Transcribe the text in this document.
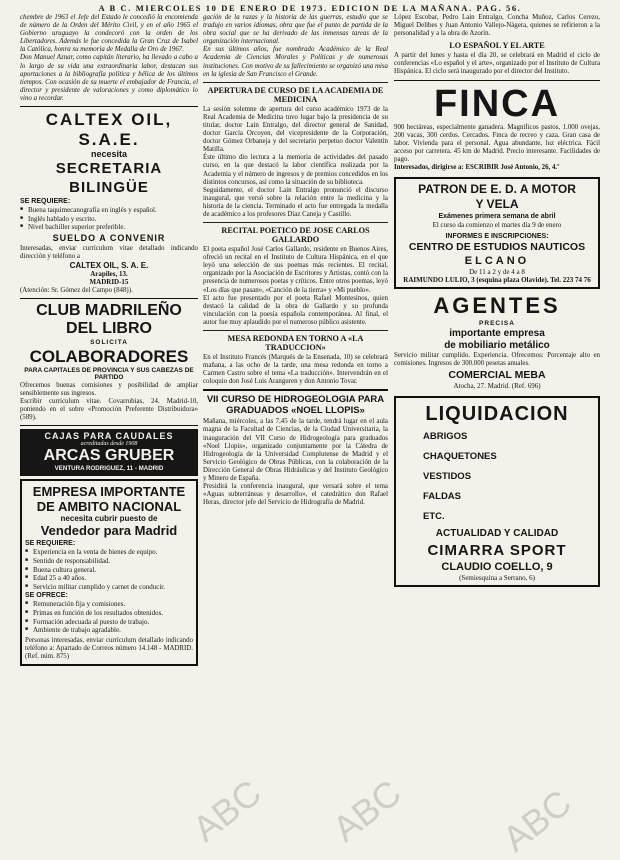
A B C. MIERCOLES 10 DE ENERO DE 1973. EDICION DE LA MAÑANA. PAG. 56.

chembre de 1963 el Jefe del Estado le concedió la encomienda de número de la Orden del Mérito Civil, y en el año 1965 el Gobierno uruguayo la condecoró con la orden de los Libertadores. Además le fue concedida la Gran Cruz de Isabel la Católica, honra su memoria de Medalla de Oro de 1967.

Don Manuel Aznar, como capitán literario, ha llevado a cabo a lo largo de su vida una extraordinaria labor, destacan sus aportaciones a la bibliografía política y bélica de los últimos tiempos. Con ocasión de su muerte el embajador de Francia, el director y presidente de valoraciones y como diplomático lo vino a recordar.

CALTEX OIL, S.A.E.
necesita
SECRETARIA BILINGÜE
SE REQUIERE:
■ Buena taquimecanografía en inglés y español.
■ Inglés hablado y escrito.
■ Nivel bachiller superior preferible.
SUELDO A CONVENIR

Interesadas, enviar currículum vitae detallado indicando dirección y teléfono a

CALTEX OIL, S. A. E.
Arapiles, 13.
MADRID-15

(Atención: Sr. Gómez del Campo (848)).

CLUB MADRILEÑO
DEL LIBRO
SOLICITA
COLABORADORES
PARA CAPITALES DE PROVINCIA Y SUS CABEZAS DE PARTIDO

Ofrecemos buenas comisiones y posibilidad de ampliar sensiblemente sus ingresos.

Escribir currículum vitae. Covarrubias, 24. Madrid-10, poniendo en el sobre «Promoción Preferente Distribuidora» (589).

CAJAS PARA CAUDALES
acreditadas desde 1908
ARCAS GRUBER
VENTURA RODRIGUEZ, 11 - MADRID
EMPRESA IMPORTANTE
DE AMBITO NACIONAL
necesita cubrir puesto de
Vendedor para Madrid
SE REQUIERE:
■ Experiencia en la venta de bienes de equipo.
■ Sentido de responsabilidad.
■ Buena cultura general.
■ Edad 25 a 40 años.
■ Servicio militar cumplido y carnet de conducir.
SE OFRECE:
■ Remuneración fija y comisiones.
■ Primas en función de los resultados obtenidos.
■ Formación adecuada al puesto de trabajo.
■ Ambiente de trabajo agradable.

Personas interesadas, enviar currículum detallado indicando teléfono a: Apartado de Correos número 14.148 - MADRID. (Ref. núm. 875)

gación de la razas y la historia de las guerras, estudio que se tradujo en varios idiomas, obra que fue el punto de partida de la obra social que se ha derivado de las inmensas tareas de la organización internacional.

En sus últimos años, fue nombrado Académico de la Real Academia de Ciencias Morales y Políticas y de numerosas instituciones. Con motivo de su fallecimiento se organizó una misa en la iglesia de San Francisco el Grande.

APERTURA DE CURSO DE LA ACADEMIA DE MEDICINA

La sesión solemne de apertura del curso académico 1973 de la Real Academia de Medicina tuvo lugar bajo la presidencia de su titular, doctor Lain Entralgo, del director general de Sanidad, doctor García Orcoyen, del vicepresidente de la Corporación, doctor Gómez Orbaneja y del secretario perpetuo doctor Valentín Matilla.

Éste último dio lectura a la memoria de actividades del pasado curso, en la que destacó la labor científica realizada por la Academia y el número de ingresos y de premios concedidos en los distintos concursos, así como la situación de su biblioteca.

Seguidamente, el doctor Lain Entralgo pronunció el discurso inaugural, que versó sobre la relación entre la medicina y la historia de la ciencia. Terminado el acto fue entregada la medalla de académico a los profesores Díaz Caneja y Castillo.

RECITAL POETICO DE JOSE CARLOS GALLARDO

El poeta español José Carlos Gallardo, residente en Buenos Aires, ofreció un recital en el Instituto de Cultura Hispánica, en el que leyó una selección de sus poemas más recientes. El recital, organizado por la Asociación de Escritores y Artistas, contó con la presencia de numerosos poetas y críticos. Entre otros poemas, leyó «Los días que pasan», «Canción de la tierra» y «Mi pueblo».

El acto fue presentado por el poeta Rafael Montesinos, quien destacó la calidad de la obra de Gallardo y su profunda vinculación con la poesía española contemporánea. Al final, el autor fue muy aplaudido por el numeroso público asistente.

MESA REDONDA EN TORNO A «LA TRADUCCION»

En el Instituto Francés (Marqués de la Ensenada, 10) se celebrará mañana, a las ocho de la tarde, una mesa redonda en torno a Carmen Castro sobre el tema «La traducción». Intervendrán en el coloquio don José Luis Aranguren y don Antonio Tovar.

VII CURSO DE HIDROGEOLOGIA PARA GRADUADOS «NOEL LLOPIS»

Mañana, miércoles, a las 7,45 de la tarde, tendrá lugar en el aula magna de la Facultad de Ciencias, de la Ciudad Universitaria, la inauguración del VII Curso de Hidrogeología para graduados «Noel Llopis», organizado conjuntamente por la Cátedra de Hidrogeología de la Universidad Complutense de Madrid y el Servicio Geológico de Obras Públicas, con la colaboración de la Dirección General de Obras Hidráulicas y del Instituto Geológico y Minero de España.

Presidirá la conferencia inaugural, que versará sobre el tema «Aguas subterráneas y desarrollo», el catedrático don Rafael Heras, director jefe del Servicio de Hidrografía de Madrid.

López Escobar, Pedro Lain Entralgo, Concha Muñoz, Carlos Cerezo, Miguel Delibes y Juan Antonio Vallejo-Nágera, quienes se refirieron a la personalidad y a la obra de Azorín.

LO ESPAÑOL Y EL ARTE

A partir del lunes y hasta el día 20, se celebrará en Madrid el ciclo de conferencias «Lo español y el arte», organizado por el Instituto de Cultura Hispánica. El ciclo será inaugurado por el director del Instituto.

FINCA

900 hectáreas, especialmente ganadera. Magníficos pastos, 1.000 ovejas, 200 vacas, 300 cerdos. Cercados. Finca de recreo y caza. Gran casa de labor. Vivienda para el personal. Agua abundante, luz eléctrica. Fácil acceso por carretera. 45 km de Madrid. Precio interesante. Facilidades de pago.

Interesados, dirigirse a: ESCRIBIR José Antonio, 26, 4.º

PATRON DE E. D. A MOTOR
Y VELA
Exámenes primera semana de abril
El curso da comienzo el martes día 9 de enero
INFORMES E INSCRIPCIONES:
CENTRO DE ESTUDIOS NAUTICOS
ELCANO
De 11 a 2 y de 4 a 8
RAIMUNDO LULIO, 3 (esquina plaza Olavide). Tel. 223 74 76
AGENTES
PRECISA
importante empresa
de mobiliario metálico

Servicio militar cumplido. Experiencia. Ofrecemos: Porcentaje alto en comisiones. Ingresos de 300.000 pesetas anuales.

COMERCIAL MEBA
Atocha, 27. Madrid. (Ref. 696)
LIQUIDACION
ABRIGOS
CHAQUETONES
VESTIDOS
FALDAS
ETC.
ACTUALIDAD Y CALIDAD
CIMARRA SPORT
CLAUDIO COELLO, 9
(Semiesquina a Serrano, 6)
ABC ABC ABC
